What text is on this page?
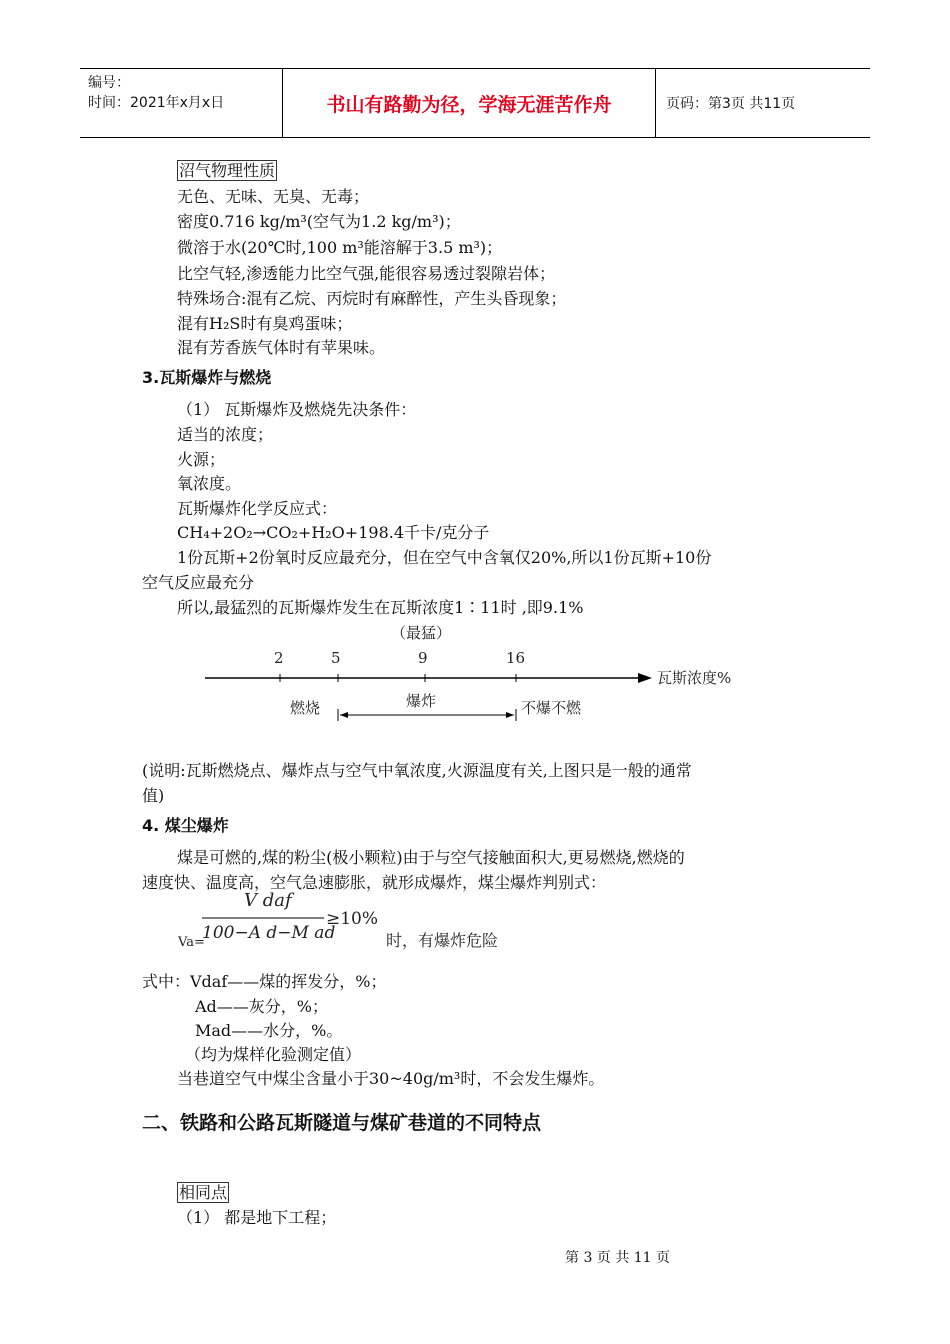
编号：
时间：2021年x月x日	书山有路勤为径，学海无涯苦作舟	页码：第3页 共11页
沼气物理性质
无色、无味、无臭、无毒；
密度0.716 kg/m³(空气为1.2 kg/m³)；
微溶于水(20℃时,100 m³能溶解于3.5 m³)；
比空气轻,渗透能力比空气强,能很容易透过裂隙岩体；
特殊场合:混有乙烷、丙烷时有麻醉性，产生头昏现象；
混有H₂S时有臭鸡蛋味；
混有芳香族气体时有苹果味。
3.瓦斯爆炸与燃烧
（1） 瓦斯爆炸及燃烧先决条件：
适当的浓度；
火源；
氧浓度。
瓦斯爆炸化学反应式：
CH₄+2O₂→CO₂+H₂O+198.4千卡/克分子
1份瓦斯+2份氧时反应最充分，但在空气中含氧仅20%,所以1份瓦斯+10份
空气反应最充分
所以,最猛烈的瓦斯爆炸发生在瓦斯浓度1∶11时 ,即9.1%
（最猛）
2	5	9	16
瓦斯浓度%
燃烧	爆炸	不爆不燃
(说明:瓦斯燃烧点、爆炸点与空气中氧浓度,火源温度有关,上图只是一般的通常
值)
4. 煤尘爆炸
煤是可燃的,煤的粉尘(极小颗粒)由于与空气接触面积大,更易燃烧,燃烧的
速度快、温度高，空气急速膨胀，就形成爆炸，煤尘爆炸判别式：
V daf
≥10%
100−A d−M ad
Va=	时，有爆炸危险
式中：Vdaf——煤的挥发分，%；
Ad——灰分，%；
Mad——水分，%。
（均为煤样化验测定值）
当巷道空气中煤尘含量小于30~40g/m³时，不会发生爆炸。
二、铁路和公路瓦斯隧道与煤矿巷道的不同特点
相同点
（1） 都是地下工程；
第 3 页 共 11 页
